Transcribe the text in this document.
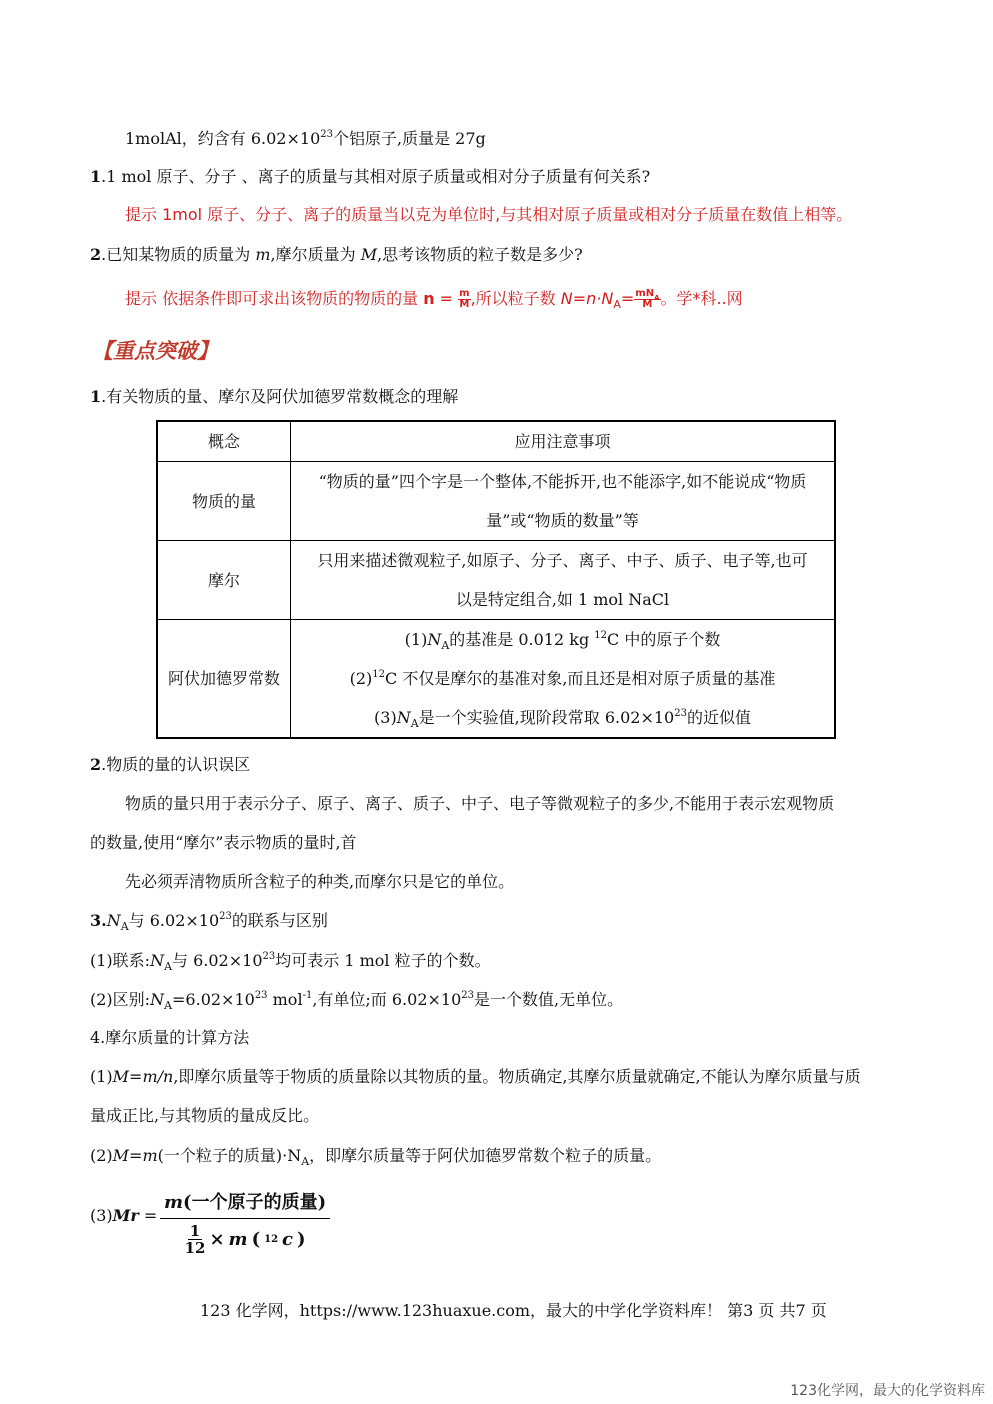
1molAl，约含有 $6.02\times 10^{23}$个铝原子,质量是 27g
1.1 mol 原子、分子 、离子的质量与其相对原子质量或相对分子质量有何关系?
提示 1mol 原子、分子、离子的质量当以克为单位时,与其相对原子质量或相对分子质量在数值上相等。
2.已知某物质的质量为 m,摩尔质量为 M,思考该物质的粒子数是多少?
提示 依据条件即可求出该物质的物质的量 $n = \frac{m}{M}$ ,所以粒子数 $N=n\cdot N_A= \frac{mN_A}{M}$ 。学*科..网
【重点突破】
1.有关物质的量、摩尔及阿伏加德罗常数概念的理解
概念	应用注意事项
物质的量	“物质的量”四个字是一个整体,不能拆开,也不能添字,如不能说成“物质
量”或“物质的数量”等

摩尔	只用来描述微观粒子,如原子、分子、离子、中子、质子、电子等,也可
以是特定组合,如 1 mol NaCl

阿伏加德罗常数	$(1)N_A$的基准是 0.012 kg $^{12}$C 中的原子个数
$(2)^{12}C$ 不仅是摩尔的基准对象,而且还是相对原子质量的基准
$(3)N_A$是一个实验值,现阶段常取 $6.02\times 10^{23}$的近似值
2.物质的量的认识误区
物质的量只用于表示分子、原子、离子、质子、中子、电子等微观粒子的多少,不能用于表示宏观物质
的数量,使用“摩尔”表示物质的量时,首
先必须弄清物质所含粒子的种类,而摩尔只是它的单位。
$3.N_A$与 $6.02\times 10^{23}$的联系与区别
(1)联系$:N_A$与 $6.02\times 10^{23}$均可表示 1 mol 粒子的个数。
(2)区别$:N_A=6.02\times 10^{23}$ mol$^{-1}$,有单位;而 $6.02\times 10^{23}$是一个数值,无单位。
4.摩尔质量的计算方法
(1)M=m/n,即摩尔质量等于物质的质量除以其物质的量。物质确定,其摩尔质量就确定,不能认为摩尔质量与质
量成正比,与其物质的量成反比。
(2)M=m(一个粒子的质量)$\cdot N_A$，即摩尔质量等于阿伏加德罗常数个粒子的质量。
(3)Mr =
m(一个原子的质量)
$\frac{1}{12} \times m$ ( 12 c )
123 化学网，https://www.123huaxue.com，最大的中学化学资料库！ 第3 页 共7 页
123化学网，最大的化学资料库
